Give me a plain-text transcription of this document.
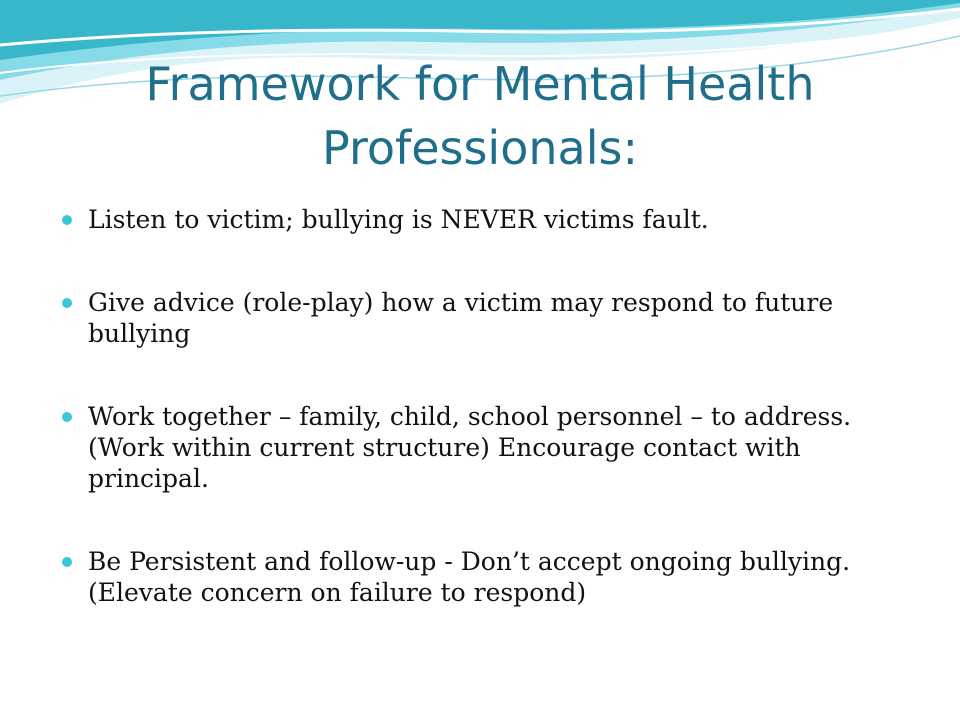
Framework for Mental Health Professionals:
Listen to victim; bullying is NEVER victims fault.
Give advice (role-play) how a victim may respond to future bullying
Work together – family, child, school personnel – to address. (Work within current structure) Encourage contact with principal.
Be Persistent and follow-up - Don’t accept ongoing bullying. (Elevate concern on failure to respond)
